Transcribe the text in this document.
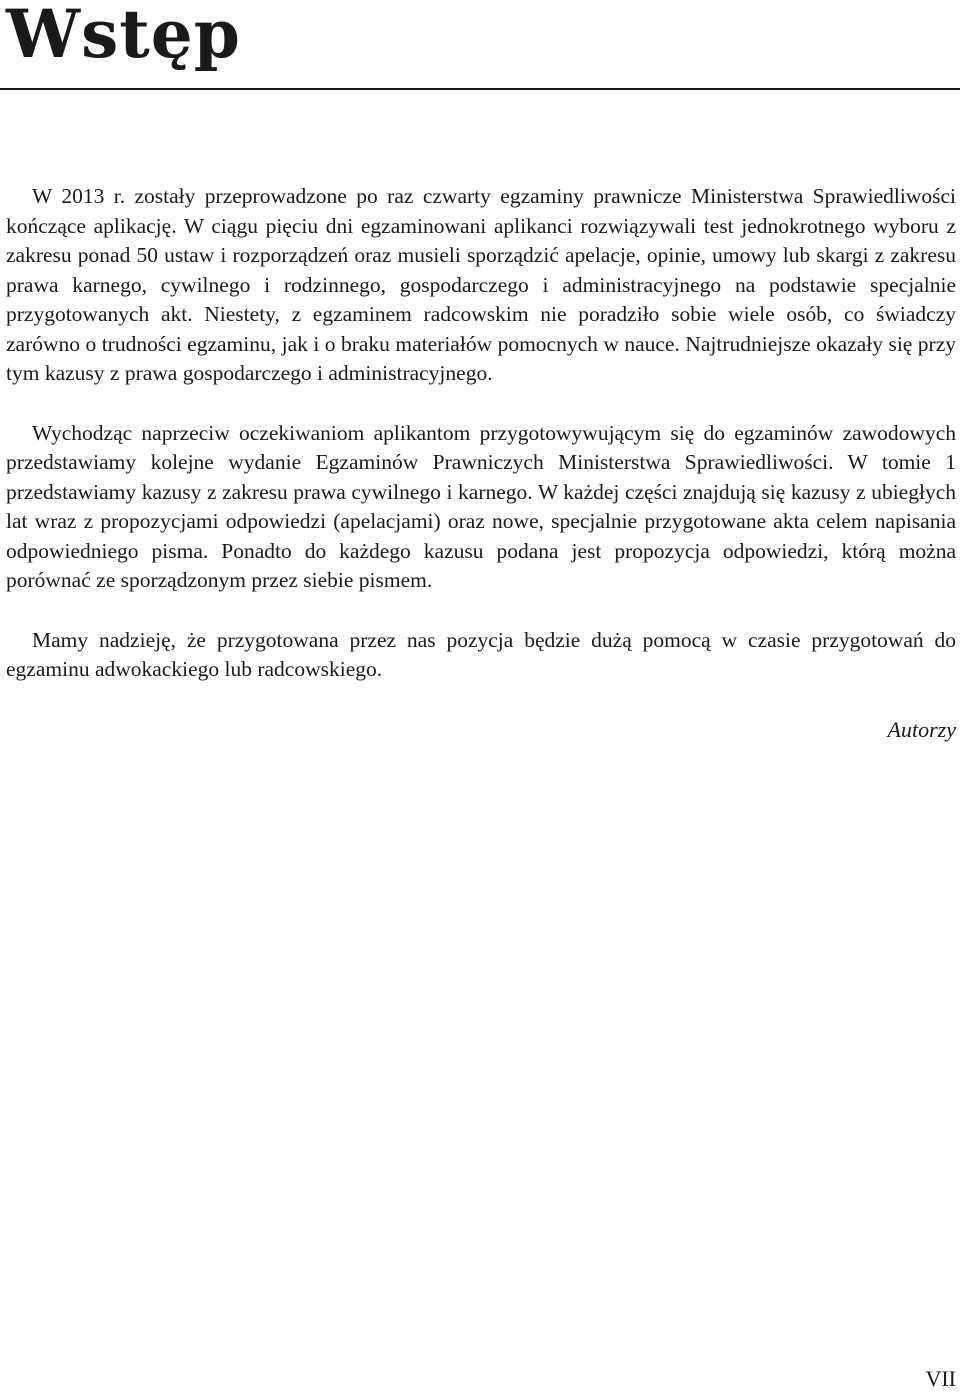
Wstęp

W 2013 r. zostały przeprowadzone po raz czwarty egzaminy prawnicze Ministerstwa Sprawiedliwości kończące aplikację. W ciągu pięciu dni egzaminowani aplikanci rozwiązywali test jednokrotnego wyboru z zakresu ponad 50 ustaw i rozporządzeń oraz musieli sporządzić apelacje, opinie, umowy lub skargi z zakresu prawa karnego, cywilnego i rodzinnego, gospodarczego i administracyjnego na podstawie specjalnie przygotowanych akt. Niestety, z egzaminem radcowskim nie poradziło sobie wiele osób, co świadczy zarówno o trudności egzaminu, jak i o braku materiałów pomocnych w nauce. Najtrudniejsze okazały się przy tym kazusy z prawa gospodarczego i administracyjnego.

Wychodząc naprzeciw oczekiwaniom aplikantom przygotowywującym się do egzaminów zawodowych przedstawiamy kolejne wydanie Egzaminów Prawniczych Ministerstwa Sprawiedliwości. W tomie 1 przedstawiamy kazusy z zakresu prawa cywilnego i karnego. W każdej części znajdują się kazusy z ubiegłych lat wraz z propozycjami odpowiedzi (apelacjami) oraz nowe, specjalnie przygotowane akta celem napisania odpowiedniego pisma. Ponadto do każdego kazusu podana jest propozycja odpowiedzi, którą można porównać ze sporządzonym przez siebie pismem.

Mamy nadzieję, że przygotowana przez nas pozycja będzie dużą pomocą w czasie przygotowań do egzaminu adwokackiego lub radcowskiego.

Autorzy

VII
